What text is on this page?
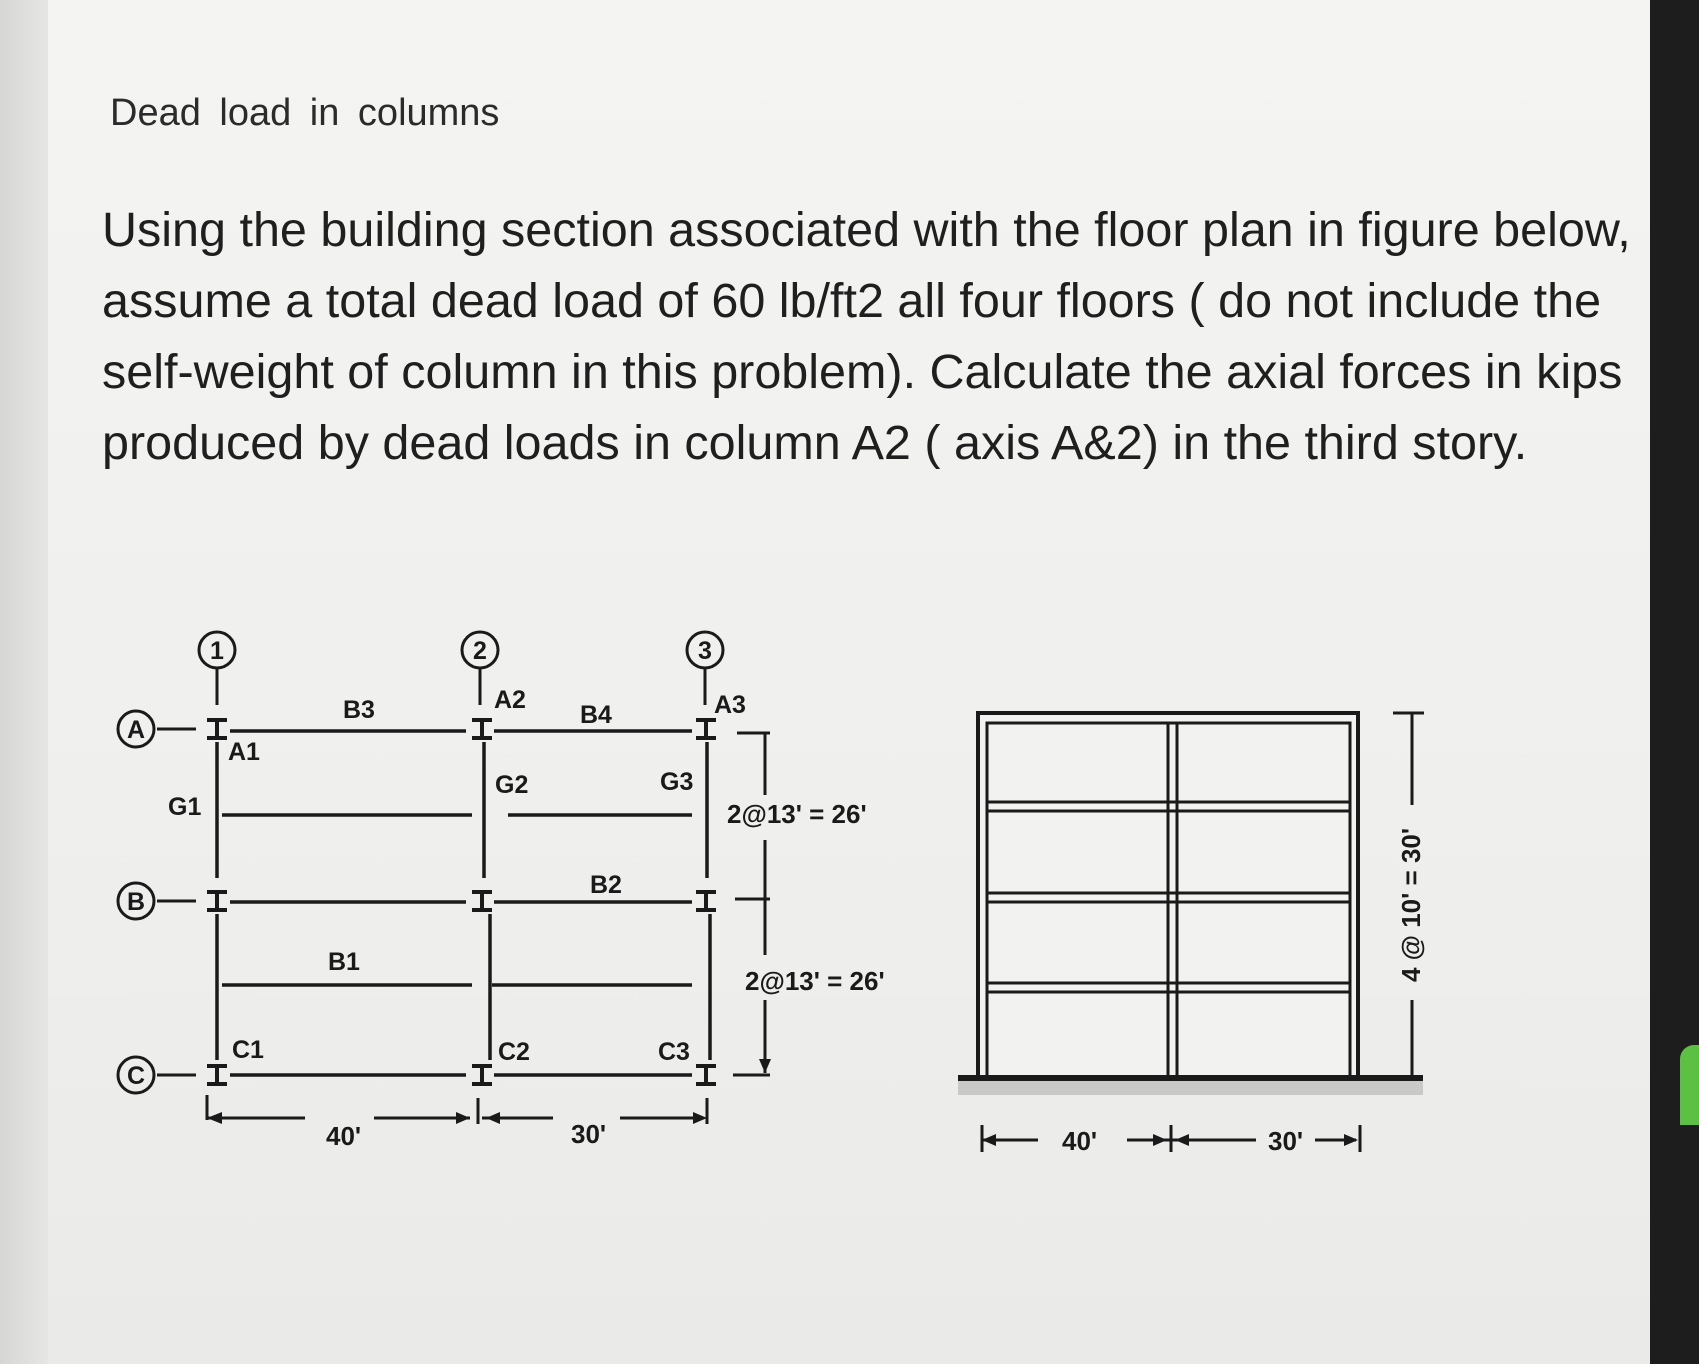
Dead load in columns

Using the building section associated with the floor plan in figure below, assume a total dead load of 60 lb/ft2 all four floors ( do not include the self-weight of column in this problem). Calculate the axial forces in kips produced by dead loads in column A2 ( axis A&2) in the third story.

1	2	3
A
B
C
A1
A2	A3
C1	C2	C3
B3	B4
B2
B1
G1
G2	G3
2@13' = 26'
2@13' = 26'
40'	30'
4 @ 10' = 30'
40'	30'
